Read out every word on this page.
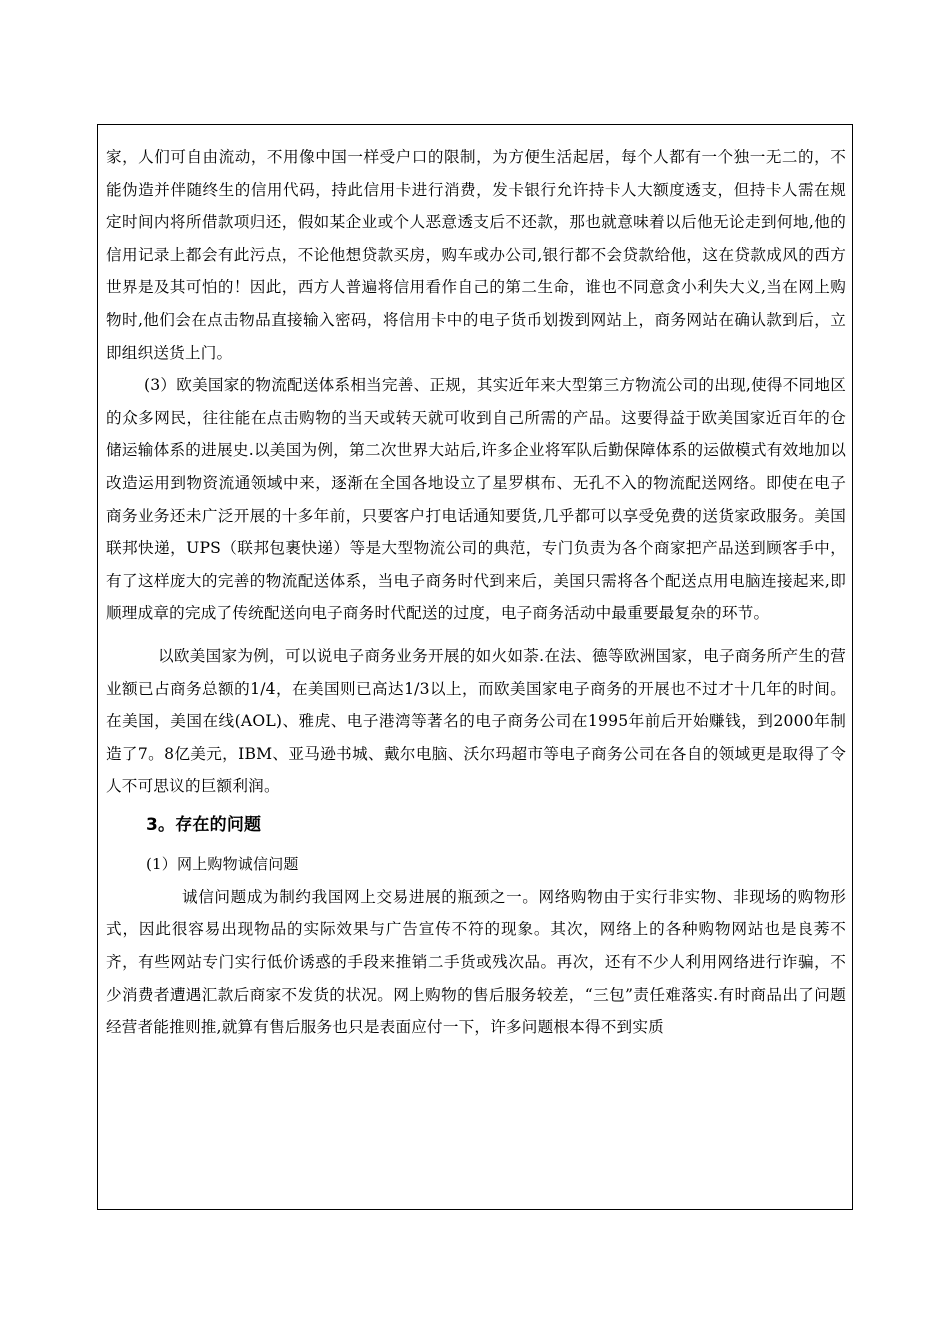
家，人们可自由流动，不用像中国一样受户口的限制，为方便生活起居，每个人都有一个独一无二的，不能伪造并伴随终生的信用代码，持此信用卡进行消费，发卡银行允许持卡人大额度透支，但持卡人需在规定时间内将所借款项归还，假如某企业或个人恶意透支后不还款，那也就意味着以后他无论走到何地,他的信用记录上都会有此污点，不论他想贷款买房，购车或办公司,银行都不会贷款给他，这在贷款成风的西方世界是及其可怕的！因此，西方人普遍将信用看作自己的第二生命，谁也不同意贪小利失大义,当在网上购物时,他们会在点击物品直接输入密码，将信用卡中的电子货币划拨到网站上，商务网站在确认款到后，立即组织送货上门。

(3）欧美国家的物流配送体系相当完善、正规，其实近年来大型第三方物流公司的出现,使得不同地区的众多网民，往往能在点击购物的当天或转天就可收到自己所需的产品。这要得益于欧美国家近百年的仓储运输体系的进展史.以美国为例，第二次世界大站后,许多企业将军队后勤保障体系的运做模式有效地加以改造运用到物资流通领域中来，逐渐在全国各地设立了星罗棋布、无孔不入的物流配送网络。即使在电子商务业务还未广泛开展的十多年前，只要客户打电话通知要货,几乎都可以享受免费的送货家政服务。美国联邦快递，UPS（联邦包裹快递）等是大型物流公司的典范，专门负责为各个商家把产品送到顾客手中，有了这样庞大的完善的物流配送体系，当电子商务时代到来后，美国只需将各个配送点用电脑连接起来,即顺理成章的完成了传统配送向电子商务时代配送的过度，电子商务活动中最重要最复杂的环节。

以欧美国家为例，可以说电子商务业务开展的如火如荼.在法、德等欧洲国家，电子商务所产生的营业额已占商务总额的1/4，在美国则已高达1/3以上，而欧美国家电子商务的开展也不过才十几年的时间。在美国，美国在线(AOL)、雅虎、电子港湾等著名的电子商务公司在1995年前后开始赚钱，到2000年制造了7。8亿美元，IBM、亚马逊书城、戴尔电脑、沃尔玛超市等电子商务公司在各自的领域更是取得了令人不可思议的巨额利润。

3。存在的问题

(1）网上购物诚信问题

诚信问题成为制约我国网上交易进展的瓶颈之一。网络购物由于实行非实物、非现场的购物形式，因此很容易出现物品的实际效果与广告宣传不符的现象。其次，网络上的各种购物网站也是良莠不齐，有些网站专门实行低价诱惑的手段来推销二手货或残次品。再次，还有不少人利用网络进行诈骗，不少消费者遭遇汇款后商家不发货的状况。网上购物的售后服务较差，“三包”责任难落实.有时商品出了问题经营者能推则推,就算有售后服务也只是表面应付一下，许多问题根本得不到实质
